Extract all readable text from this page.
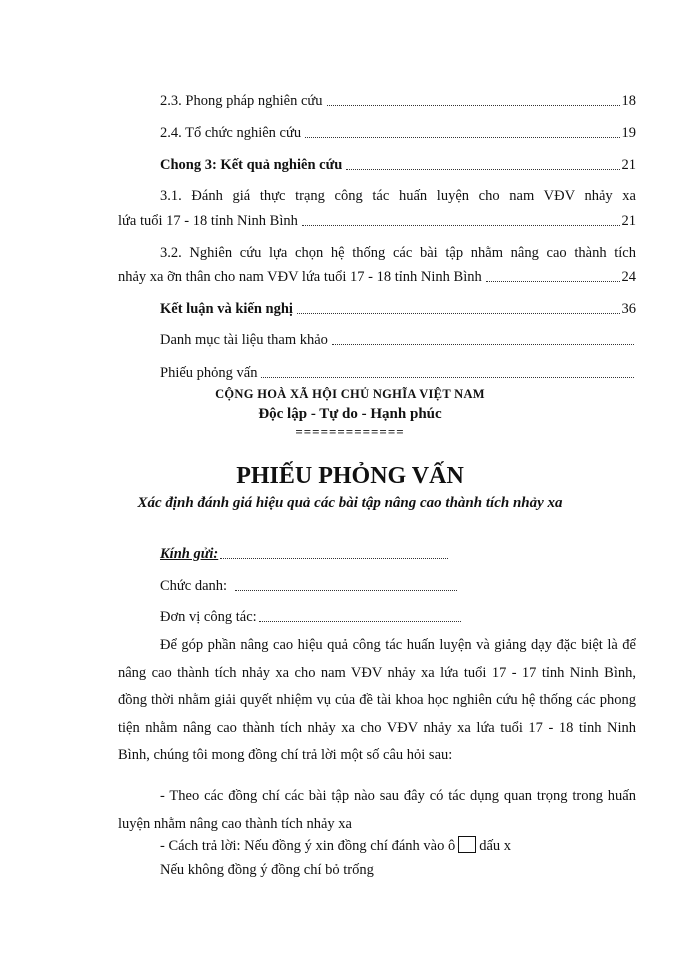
2.3. Phong pháp nghiên cứu	18
2.4. Tổ chức nghiên cứu	19
Chong 3: Kết quả nghiên cứu	21
3.1. Đánh giá thực trạng công tác huấn luyện cho nam VĐV nhảy xa
lứa tuổi 17 - 18 tỉnh Ninh Bình	21
3.2. Nghiên cứu lựa chọn hệ thống các bài tập nhằm nâng cao thành tích
nhảy xa ỡn thân cho nam VĐV lứa tuổi 17 - 18 tỉnh Ninh Bình	24
Kết luận và kiến nghị	36
Danh mục tài liệu tham khảo
Phiếu phỏng vấn
CỘNG HOÀ XÃ HỘI CHỦ NGHĨA VIỆT NAM
Độc lập - Tự do - Hạnh phúc
=============
PHIẾU PHỎNG VẤN
Xác định đánh giá hiệu quả các bài tập nâng cao thành tích nhảy xa
Kính gửi:
Chức danh:
Đơn vị công tác:
Để góp phần nâng cao hiệu quả công tác huấn luyện và giảng dạy đặc biệt là để nâng cao thành tích nhảy xa cho nam VĐV nhảy xa lứa tuổi 17 - 17 tỉnh Ninh Bình, đồng thời nhằm giải quyết nhiệm vụ của đề tài khoa học nghiên cứu hệ thống các phong tiện nhằm nâng cao thành tích nhảy xa cho VĐV nhảy xa lứa tuổi 17 - 18 tỉnh Ninh Bình, chúng tôi mong đồng chí trả lời một số câu hỏi sau:
- Theo các đồng chí các bài tập nào sau đây có tác dụng quan trọng trong huấn luyện nhằm nâng cao thành tích nhảy xa
- Cách trả lời: Nếu đồng ý xin đồng chí đánh vào ô dấu x
Nếu không đồng ý đồng chí bỏ trống
